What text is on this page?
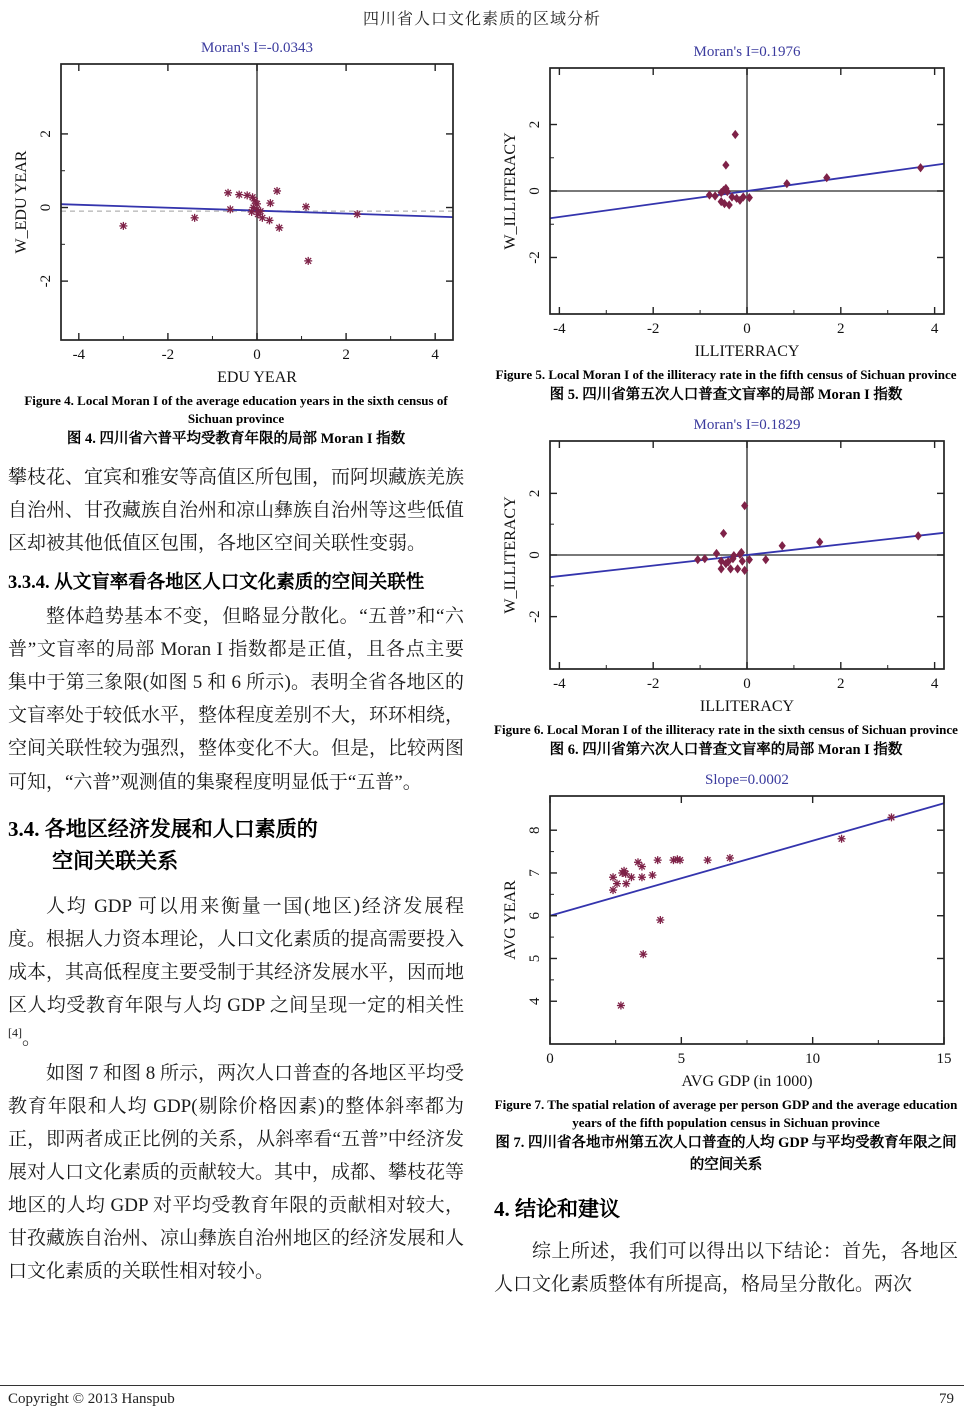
四川省人口文化素质的区域分析
Moran's I=-0.0343
-4	-2	0	2	4
-2
0
2
EDU YEAR
W_EDU YEAR
Figure 4. Local Moran I of the average education years in the sixth census of Sichuan province
图 4. 四川省六普平均受教育年限的局部 Moran I 指数

攀枝花、宜宾和雅安等高值区所包围，而阿坝藏族羌族自治州、甘孜藏族自治州和凉山彝族自治州等这些低值区却被其他低值区包围，各地区空间关联性变弱。

3.3.4. 从文盲率看各地区人口文化素质的空间关联性

整体趋势基本不变，但略显分散化。“五普”和“六普”文盲率的局部 Moran I 指数都是正值，且各点主要集中于第三象限(如图 5 和 6 所示)。表明全省各地区的文盲率处于较低水平，整体程度差别不大，环环相绕，空间关联性较为强烈，整体变化不大。但是，比较两图可知，“六普”观测值的集聚程度明显低于“五普”。

3.4. 各地区经济发展和人口素质的
空间关联关系

人均 GDP 可以用来衡量一国(地区)经济发展程度。根据人力资本理论，人口文化素质的提高需要投入成本，其高低程度主要受制于其经济发展水平，因而地区人均受教育年限与人均 GDP 之间呈现一定的相关性[4]。

如图 7 和图 8 所示，两次人口普查的各地区平均受教育年限和人均 GDP(剔除价格因素)的整体斜率都为正，即两者成正比例的关系，从斜率看“五普”中经济发展对人口文化素质的贡献较大。其中，成都、攀枝花等地区的人均 GDP 对平均受教育年限的贡献相对较大，甘孜藏族自治州、凉山彝族自治州地区的经济发展和人口文化素质的关联性相对较小。

Moran's I=0.1976
-4	-2	0	2	4
-2
0
2
ILLITERRACY
W_ILLITERACY
Figure 5. Local Moran I of the illiteracy rate in the fifth census of Sichuan province
图 5. 四川省第五次人口普查文盲率的局部 Moran I 指数
Moran's I=0.1829
-4	-2	0	2	4
-2
0
2
ILLITERACY
W_ILLITERACY
Figure 6. Local Moran I of the illiteracy rate in the sixth census of Sichuan province
图 6. 四川省第六次人口普查文盲率的局部 Moran I 指数
Slope=0.0002
0	5	10	15
4
5
6
7
8
AVG GDP (in 1000)
AVG YEAR
Figure 7. The spatial relation of average per person GDP and the average education years of the fifth population census in Sichuan province
图 7. 四川省各地市州第五次人口普查的人均 GDP 与平均受教育年限之间的空间关系
4. 结论和建议

综上所述，我们可以得出以下结论：首先，各地区人口文化素质整体有所提高，格局呈分散化。两次

Copyright © 2013 Hanspub	79
